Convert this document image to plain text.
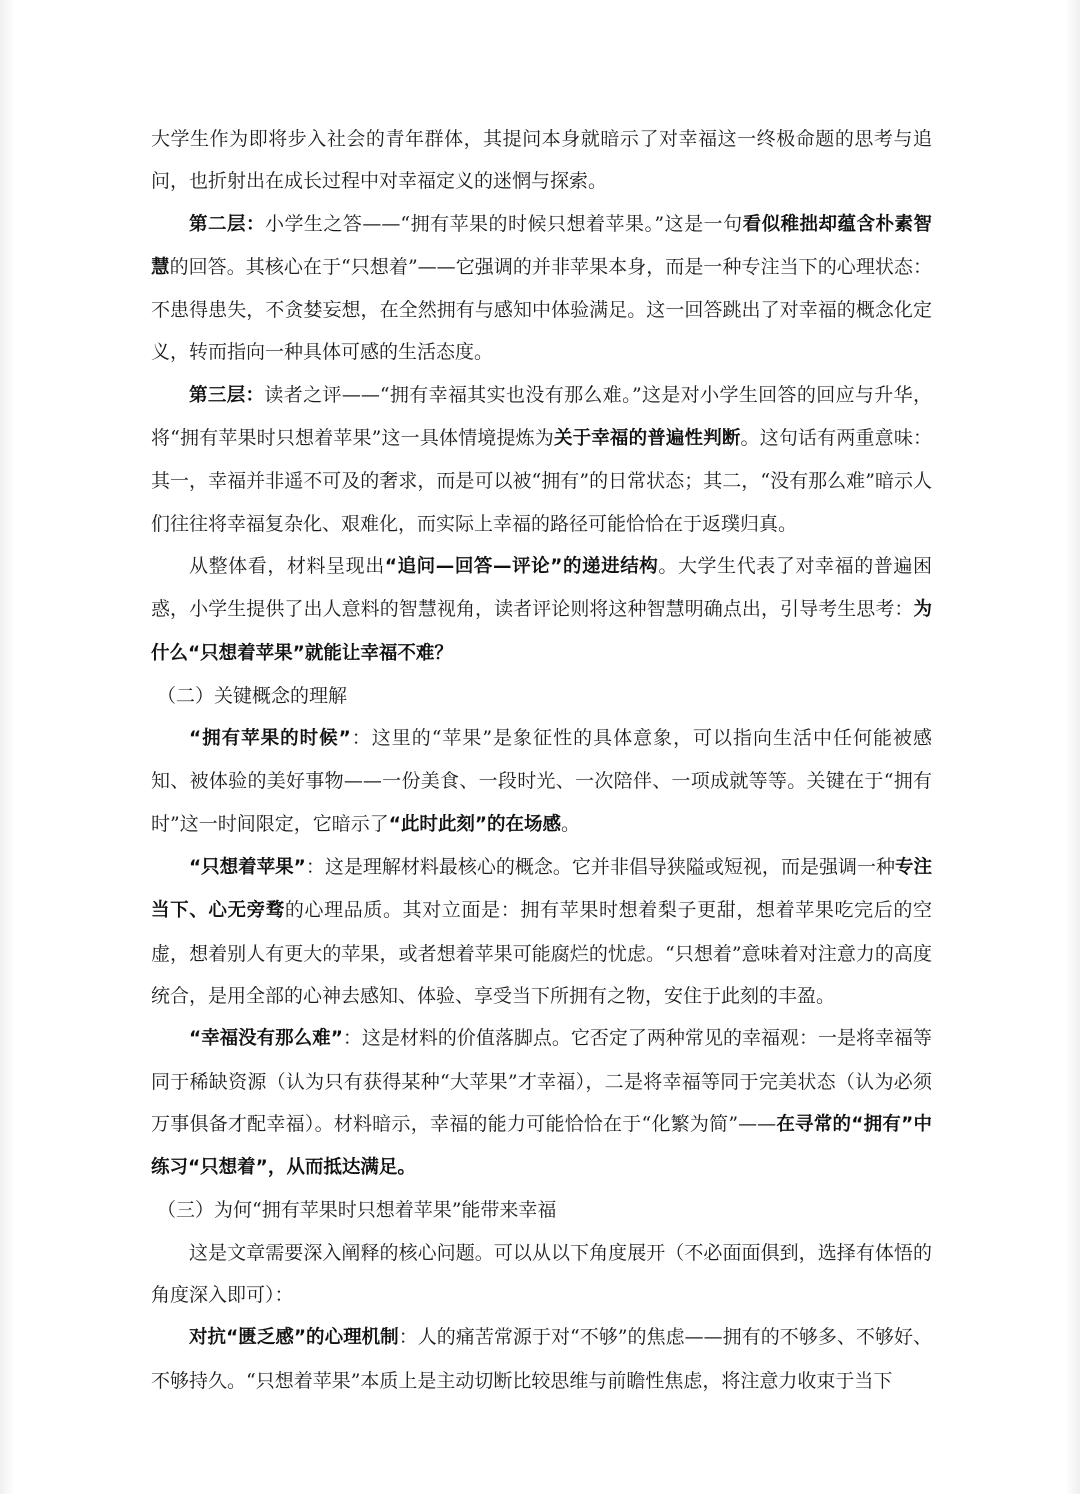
大学生作为即将步入社会的青年群体，其提问本身就暗示了对幸福这一终极命题的思考与追问，也折射出在成长过程中对幸福定义的迷惘与探索。

第二层：小学生之答——“拥有苹果的时候只想着苹果。”这是一句看似稚拙却蕴含朴素智慧的回答。其核心在于“只想着”——它强调的并非苹果本身，而是一种专注当下的心理状态：不患得患失，不贪婪妄想，在全然拥有与感知中体验满足。这一回答跳出了对幸福的概念化定义，转而指向一种具体可感的生活态度。

第三层：读者之评——“拥有幸福其实也没有那么难。”这是对小学生回答的回应与升华，将“拥有苹果时只想着苹果”这一具体情境提炼为关于幸福的普遍性判断。这句话有两重意味：其一，幸福并非遥不可及的奢求，而是可以被“拥有”的日常状态；其二，“没有那么难”暗示人们往往将幸福复杂化、艰难化，而实际上幸福的路径可能恰恰在于返璞归真。

从整体看，材料呈现出“追问—回答—评论”的递进结构。大学生代表了对幸福的普遍困惑，小学生提供了出人意料的智慧视角，读者评论则将这种智慧明确点出，引导考生思考：为什么“只想着苹果”就能让幸福不难？

（二）关键概念的理解

“拥有苹果的时候”：这里的“苹果”是象征性的具体意象，可以指向生活中任何能被感知、被体验的美好事物——一份美食、一段时光、一次陪伴、一项成就等等。关键在于“拥有时”这一时间限定，它暗示了“此时此刻”的在场感。

“只想着苹果”：这是理解材料最核心的概念。它并非倡导狭隘或短视，而是强调一种专注当下、心无旁骛的心理品质。其对立面是：拥有苹果时想着梨子更甜，想着苹果吃完后的空虚，想着别人有更大的苹果，或者想着苹果可能腐烂的忧虑。“只想着”意味着对注意力的高度统合，是用全部的心神去感知、体验、享受当下所拥有之物，安住于此刻的丰盈。

“幸福没有那么难”：这是材料的价值落脚点。它否定了两种常见的幸福观：一是将幸福等同于稀缺资源（认为只有获得某种“大苹果”才幸福），二是将幸福等同于完美状态（认为必须万事俱备才配幸福）。材料暗示，幸福的能力可能恰恰在于“化繁为简”——在寻常的“拥有”中练习“只想着”，从而抵达满足。

（三）为何“拥有苹果时只想着苹果”能带来幸福

这是文章需要深入阐释的核心问题。可以从以下角度展开（不必面面俱到，选择有体悟的角度深入即可）：

对抗“匮乏感”的心理机制：人的痛苦常源于对“不够”的焦虑——拥有的不够多、不够好、不够持久。“只想着苹果”本质上是主动切断比较思维与前瞻性焦虑，将注意力收束于当下
